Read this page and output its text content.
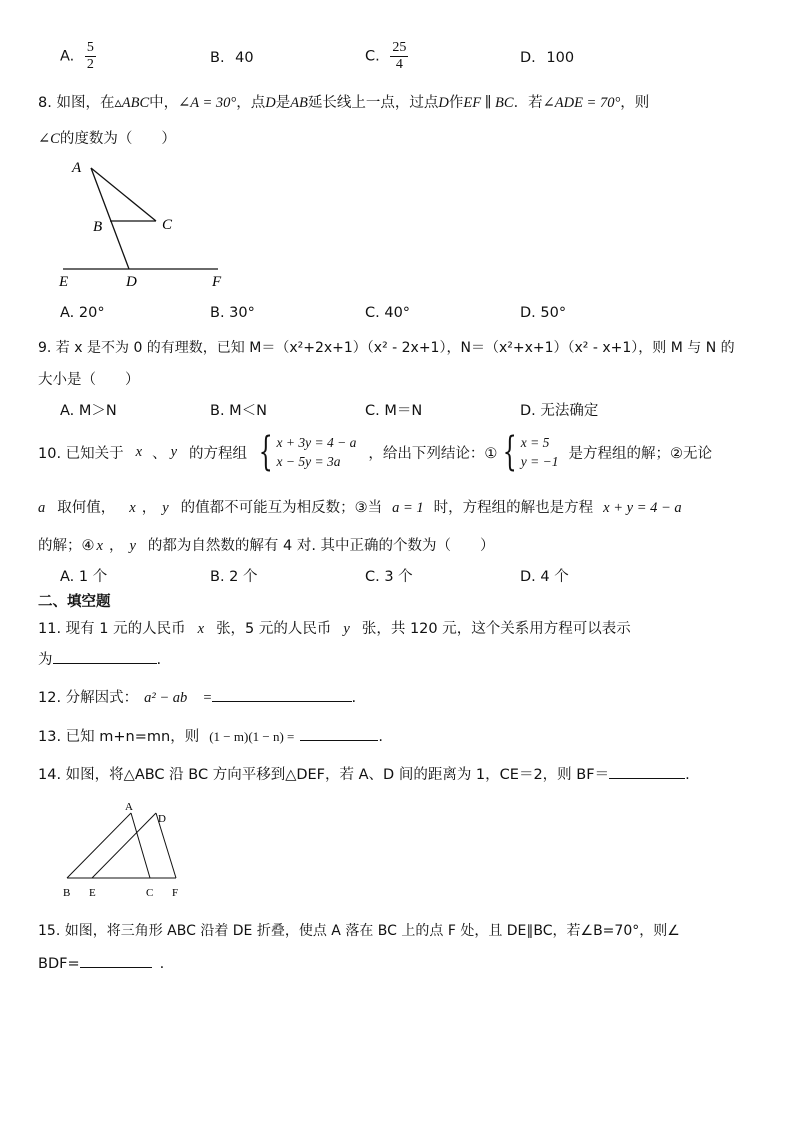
A. $\frac{5}{2}$	B. 40	C. $\frac{25}{4}$	D. 100
8. 如图，在▵ABC中，∠A = 30°，点D是AB延长线上一点，过点D作EF ∥ BC．若∠ADE = 70°，则
∠C的度数为（　　）
A
B	C
E	D	F
A. 20°	B. 30°	C. 40°	D. 50°
9. 若 x 是不为 0 的有理数，已知 M＝（x²+2x+1）（x² - 2x+1），N＝（x²+x+1）（x² - x+1），则 M 与 N 的
大小是（　　）
A. M＞N	B. M＜N	C. M＝N	D. 无法确定
10. 已知关于 x 、 y 的方程组 { x + 3y = 4 − a
x − 5y = 3a	，给出下列结论：① { x = 5
y = −1 是方程组的解；②无论
a 取何值， x ， y 的值都不可能互为相反数；③当 a = 1 时，方程组的解也是方程 x + y = 4 − a
的解；④ x ， y 的都为自然数的解有 4 对. 其中正确的个数为（　　）
A. 1 个	B. 2 个	C. 3 个	D. 4 个
二、填空题
11. 现有 1 元的人民币 x 张，5 元的人民币 y 张，共 120 元，这个关系用方程可以表示
为	.
12. 分解因式： a² − ab =	.
13. 已知 m+n=mn，则 (1 − m)(1 − n) =	.
14. 如图，将△ABC 沿 BC 方向平移到△DEF，若 A、D 间的距离为 1，CE＝2，则 BF＝	.
A
D
B E	C F
15. 如图，将三角形 ABC 沿着 DE 折叠，使点 A 落在 BC 上的点 F 处，且 DE∥BC，若∠B=70°，则∠
BDF=	.
